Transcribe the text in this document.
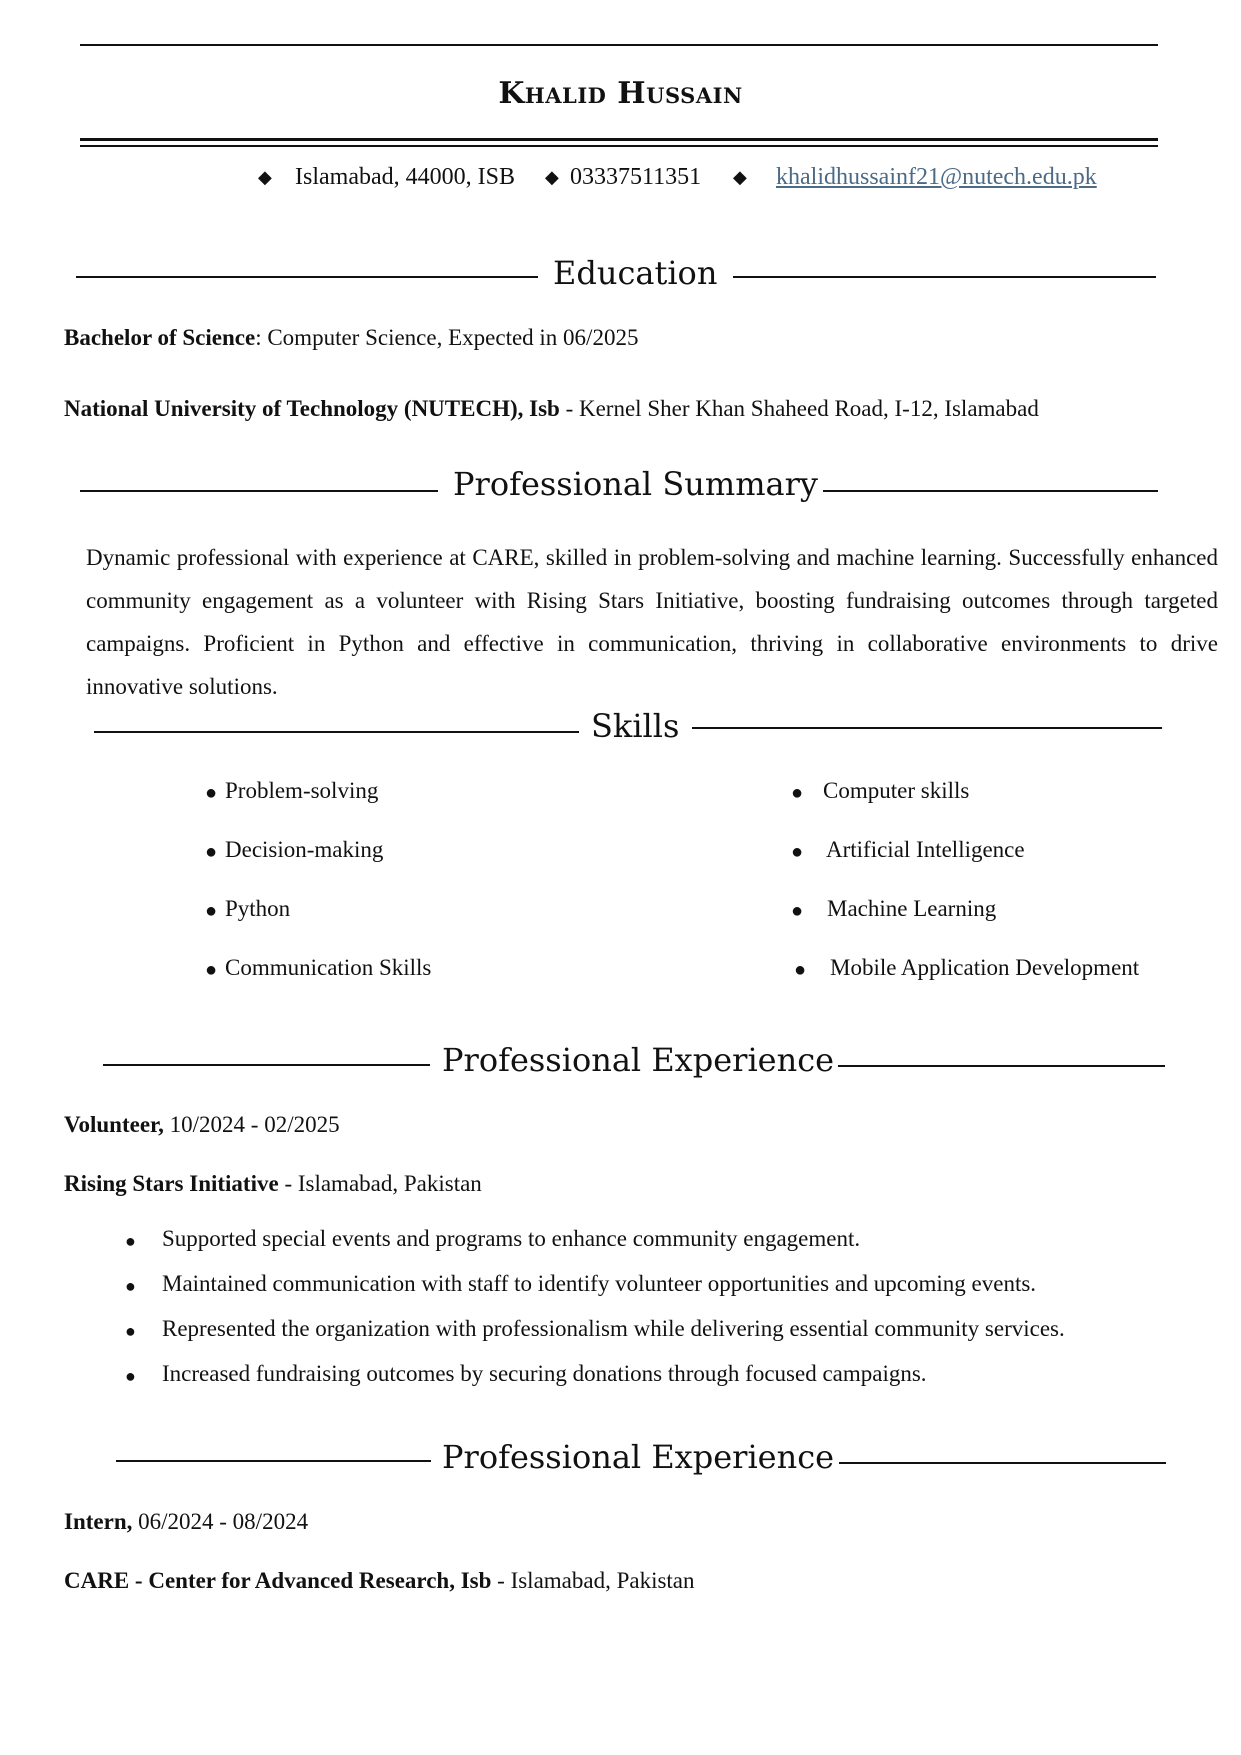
Khalid Hussain
◆ Islamabad, 44000, ISB ◆ 03337511351 ◆ khalidhussainf21@nutech.edu.pk
Education
Bachelor of Science: Computer Science, Expected in 06/2025
National University of Technology (NUTECH), Isb - Kernel Sher Khan Shaheed Road, I-12, Islamabad
Professional Summary
Dynamic professional with experience at CARE, skilled in problem-solving and machine learning. Successfully enhanced community engagement as a volunteer with Rising Stars Initiative, boosting fundraising outcomes through targeted campaigns. Proficient in Python and effective in communication, thriving in collaborative environments to drive innovative solutions.
Skills
● Problem-solving
● Decision-making
● Python
● Communication Skills
● Computer skills
● Artificial Intelligence
● Machine Learning
● Mobile Application Development
Professional Experience
Volunteer, 10/2024 - 02/2025
Rising Stars Initiative - Islamabad, Pakistan
● Supported special events and programs to enhance community engagement.
● Maintained communication with staff to identify volunteer opportunities and upcoming events.
● Represented the organization with professionalism while delivering essential community services.
● Increased fundraising outcomes by securing donations through focused campaigns.
Professional Experience
Intern, 06/2024 - 08/2024
CARE - Center for Advanced Research, Isb - Islamabad, Pakistan
